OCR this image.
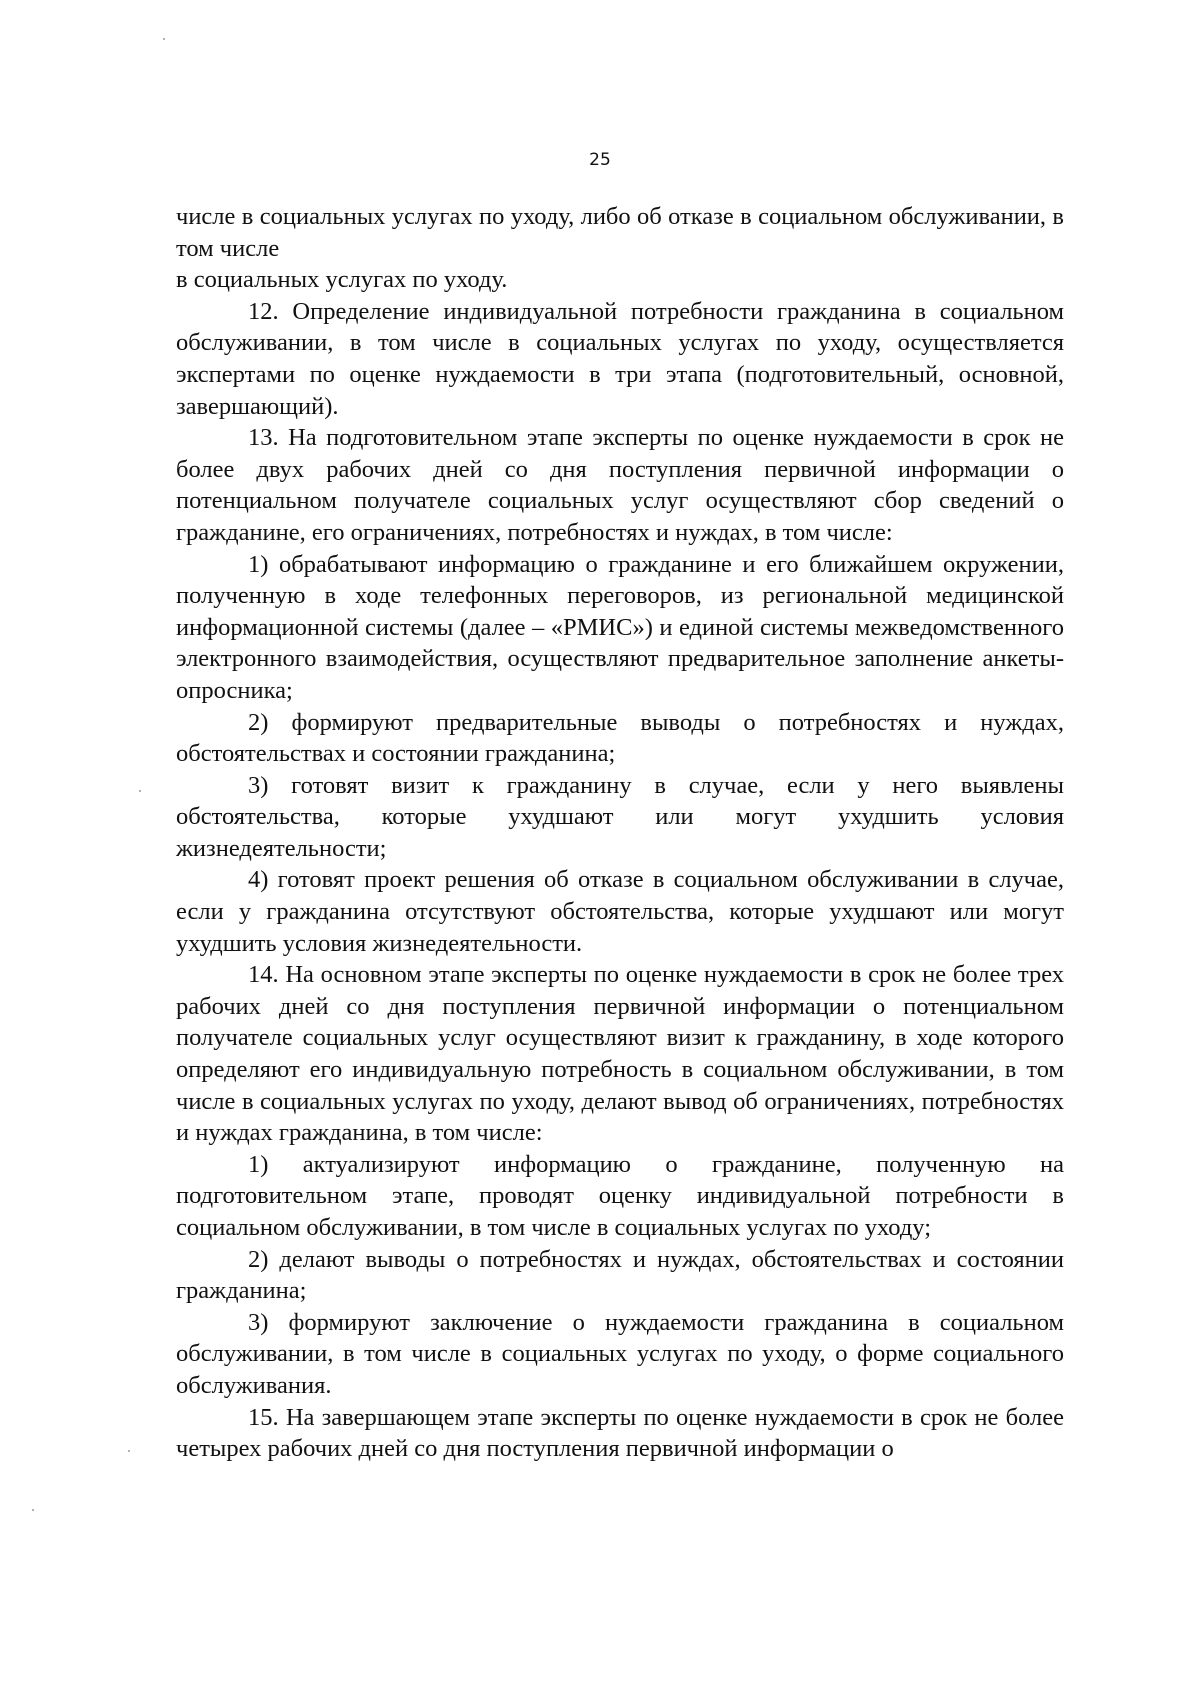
25

числе в социальных услугах по уходу, либо об отказе в социальном обслуживании, в том числе

в социальных услугах по уходу.

12. Определение индивидуальной потребности гражданина в социальном обслуживании, в том числе в социальных услугах по уходу, осуществляется экспертами по оценке нуждаемости в три этапа (подготовительный, основной, завершающий).

13. На подготовительном этапе эксперты по оценке нуждаемости в срок не более двух рабочих дней со дня поступления первичной информации о потенциальном получателе социальных услуг осуществляют сбор сведений о гражданине, его ограничениях, потребностях и нуждах, в том числе:

1) обрабатывают информацию о гражданине и его ближайшем окружении, полученную в ходе телефонных переговоров, из региональной медицинской информационной системы (далее – «РМИС») и единой системы межведомственного электронного взаимодействия, осуществляют предварительное заполнение анкеты-опросника;

2) формируют предварительные выводы о потребностях и нуждах, обстоятельствах и состоянии гражданина;

3) готовят визит к гражданину в случае, если у него выявлены обстоятельства, которые ухудшают или могут ухудшить условия жизнедеятельности;

4) готовят проект решения об отказе в социальном обслуживании в случае, если у гражданина отсутствуют обстоятельства, которые ухудшают или могут ухудшить условия жизнедеятельности.

14. На основном этапе эксперты по оценке нуждаемости в срок не более трех рабочих дней со дня поступления первичной информации о потенциальном получателе социальных услуг осуществляют визит к гражданину, в ходе которого определяют его индивидуальную потребность в социальном обслуживании, в том числе в социальных услугах по уходу, делают вывод об ограничениях, потребностях и нуждах гражданина, в том числе:

1) актуализируют информацию о гражданине, полученную на подготовительном этапе, проводят оценку индивидуальной потребности в социальном обслуживании, в том числе в социальных услугах по уходу;

2) делают выводы о потребностях и нуждах, обстоятельствах и состоянии гражданина;

3) формируют заключение о нуждаемости гражданина в социальном обслуживании, в том числе в социальных услугах по уходу, о форме социального обслуживания.

15. На завершающем этапе эксперты по оценке нуждаемости в срок не более четырех рабочих дней со дня поступления первичной информации о
